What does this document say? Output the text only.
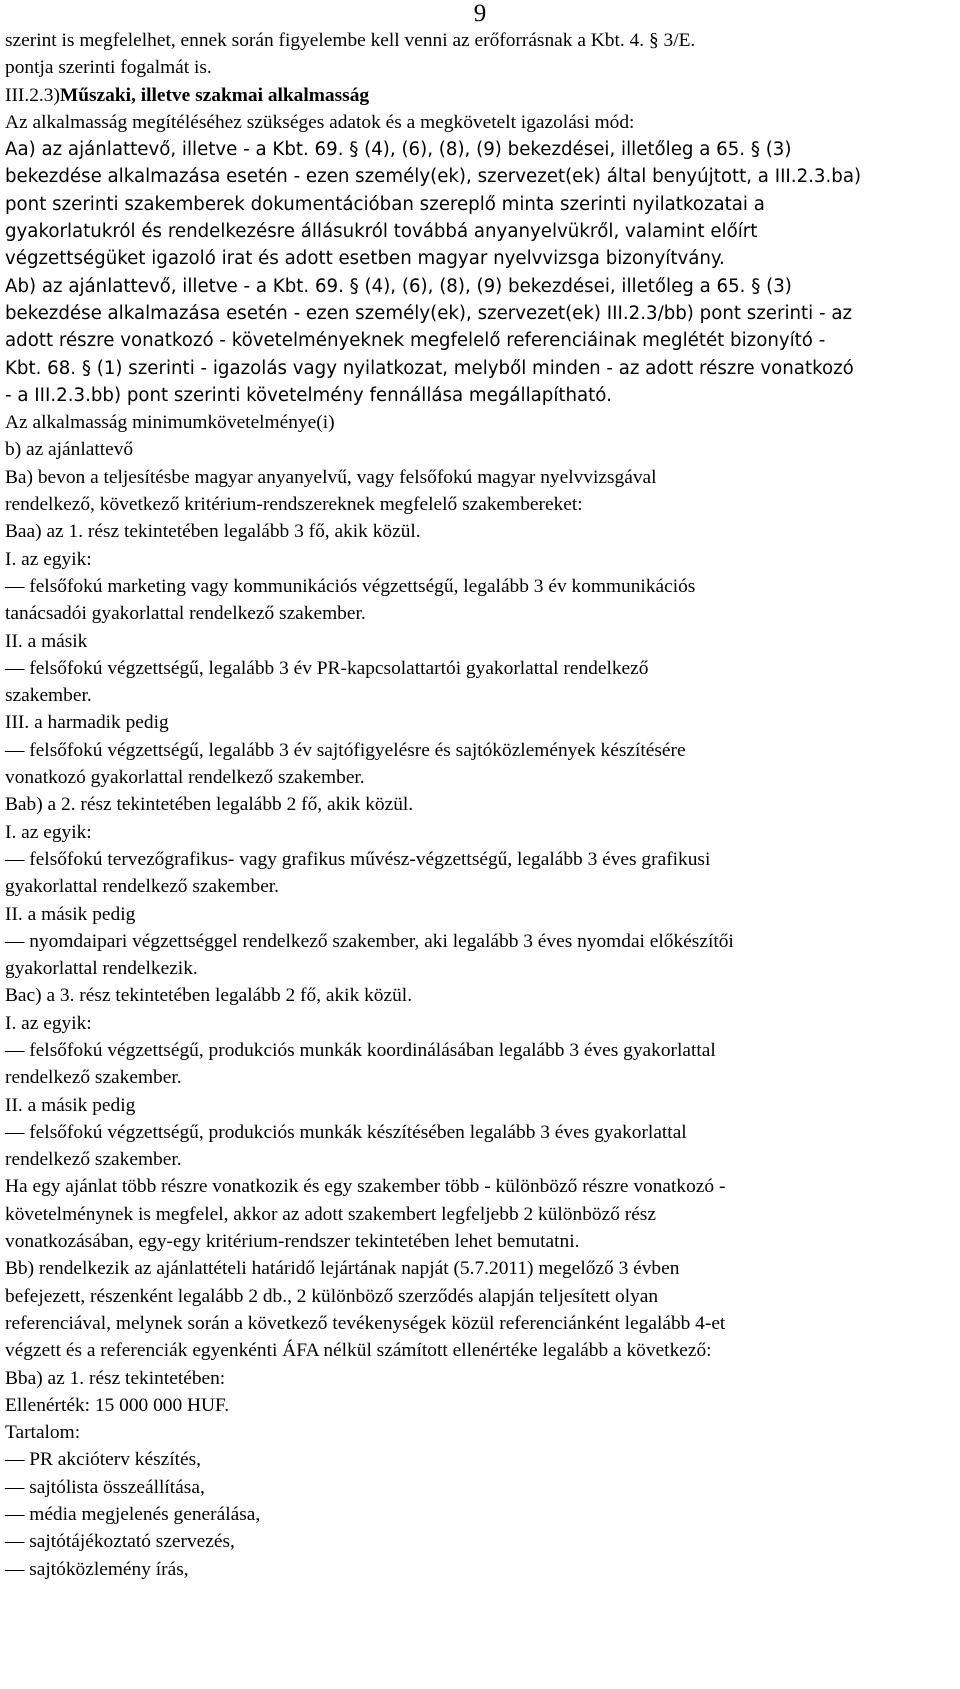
9
szerint is megfelelhet, ennek során figyelembe kell venni az erőforrásnak a Kbt. 4. § 3/E.
pontja szerinti fogalmát is.
III.2.3)Műszaki, illetve szakmai alkalmasság
Az alkalmasság megítéléséhez szükséges adatok és a megkövetelt igazolási mód:
Aa) az ajánlattevő, illetve - a Kbt. 69. § (4), (6), (8), (9) bekezdései, illetőleg a 65. § (3)
bekezdése alkalmazása esetén - ezen személy(ek), szervezet(ek) által benyújtott, a III.2.3.ba)
pont szerinti szakemberek dokumentációban szereplő minta szerinti nyilatkozatai a
gyakorlatukról és rendelkezésre állásukról továbbá anyanyelvükről, valamint előírt
végzettségüket igazoló irat és adott esetben magyar nyelvvizsga bizonyítvány.
Ab) az ajánlattevő, illetve - a Kbt. 69. § (4), (6), (8), (9) bekezdései, illetőleg a 65. § (3)
bekezdése alkalmazása esetén - ezen személy(ek), szervezet(ek) III.2.3/bb) pont szerinti - az
adott részre vonatkozó - követelményeknek megfelelő referenciáinak meglétét bizonyító -
Kbt. 68. § (1) szerinti - igazolás vagy nyilatkozat, melyből minden - az adott részre vonatkozó
- a III.2.3.bb) pont szerinti követelmény fennállása megállapítható.
Az alkalmasság minimumkövetelménye(i)
b) az ajánlattevő
Ba) bevon a teljesítésbe magyar anyanyelvű, vagy felsőfokú magyar nyelvvizsgával
rendelkező, következő kritérium-rendszereknek megfelelő szakembereket:
Baa) az 1. rész tekintetében legalább 3 fő, akik közül.
I. az egyik:
— felsőfokú marketing vagy kommunikációs végzettségű, legalább 3 év kommunikációs
tanácsadói gyakorlattal rendelkező szakember.
II. a másik
— felsőfokú végzettségű, legalább 3 év PR-kapcsolattartói gyakorlattal rendelkező
szakember.
III. a harmadik pedig
— felsőfokú végzettségű, legalább 3 év sajtófigyelésre és sajtóközlemények készítésére
vonatkozó gyakorlattal rendelkező szakember.
Bab) a 2. rész tekintetében legalább 2 fő, akik közül.
I. az egyik:
— felsőfokú tervezőgrafikus- vagy grafikus művész-végzettségű, legalább 3 éves grafikusi
gyakorlattal rendelkező szakember.
II. a másik pedig
— nyomdaipari végzettséggel rendelkező szakember, aki legalább 3 éves nyomdai előkészítői
gyakorlattal rendelkezik.
Bac) a 3. rész tekintetében legalább 2 fő, akik közül.
I. az egyik:
— felsőfokú végzettségű, produkciós munkák koordinálásában legalább 3 éves gyakorlattal
rendelkező szakember.
II. a másik pedig
— felsőfokú végzettségű, produkciós munkák készítésében legalább 3 éves gyakorlattal
rendelkező szakember.
Ha egy ajánlat több részre vonatkozik és egy szakember több - különböző részre vonatkozó -
követelménynek is megfelel, akkor az adott szakembert legfeljebb 2 különböző rész
vonatkozásában, egy-egy kritérium-rendszer tekintetében lehet bemutatni.
Bb) rendelkezik az ajánlattételi határidő lejártának napját (5.7.2011) megelőző 3 évben
befejezett, részenként legalább 2 db., 2 különböző szerződés alapján teljesített olyan
referenciával, melynek során a következő tevékenységek közül referenciánként legalább 4-et
végzett és a referenciák egyenkénti ÁFA nélkül számított ellenértéke legalább a következő:
Bba) az 1. rész tekintetében:
Ellenérték: 15 000 000 HUF.
Tartalom:
— PR akcióterv készítés,
— sajtólista összeállítása,
— média megjelenés generálása,
— sajtótájékoztató szervezés,
— sajtóközlemény írás,
